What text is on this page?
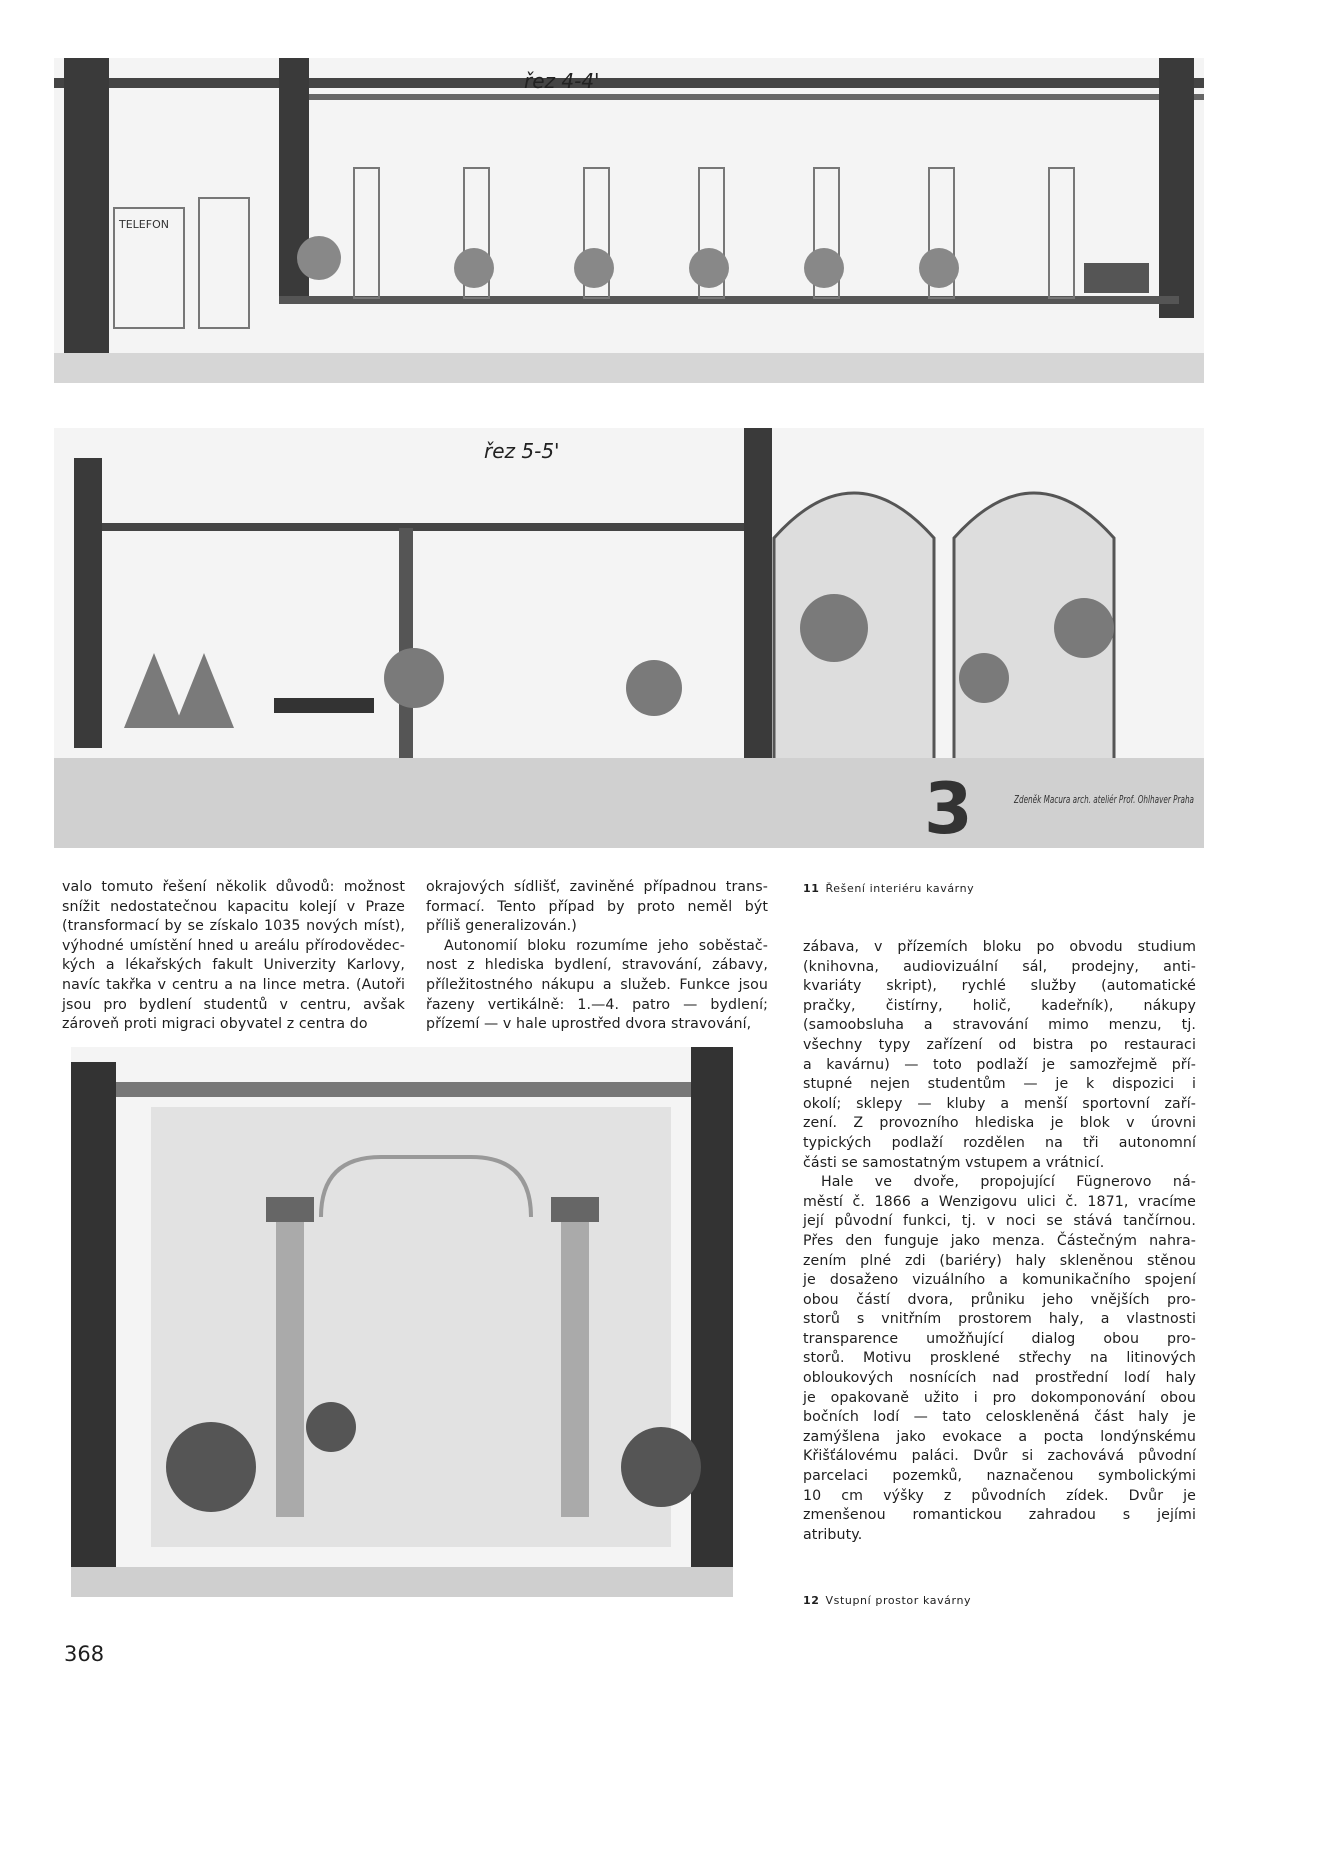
TELEFON
řez 4-4'
3
řez 5-5'
Zdeněk Macura arch. ateliér Prof. Ohlhaver Praha
valo tomuto řešení několik důvodů: možnost
snížit nedostatečnou kapacitu kolejí v Praze
(transformací by se získalo 1035 nových míst),
výhodné umístění hned u areálu přírodovědec-
kých a lékařských fakult Univerzity Karlovy,
navíc takřka v centru a na lince metra. (Autoři
jsou pro bydlení studentů v centru, avšak
zároveň proti migraci obyvatel z centra do
okrajových sídlišť, zaviněné případnou trans-
formací. Tento případ by proto neměl být
příliš generalizován.)
Autonomií bloku rozumíme jeho soběstač-
nost z hlediska bydlení, stravování, zábavy,
příležitostného nákupu a služeb. Funkce jsou
řazeny vertikálně: 1.—4. patro — bydlení;
přízemí — v hale uprostřed dvora stravování,
zábava, v přízemích bloku po obvodu studium
(knihovna, audiovizuální sál, prodejny, anti-
kvariáty skript), rychlé služby (automatické
pračky, čistírny, holič, kadeřník), nákupy
(samoobsluha a stravování mimo menzu, tj.
všechny typy zařízení od bistra po restauraci
a kavárnu) — toto podlaží je samozřejmě pří-
stupné nejen studentům — je k dispozici i
okolí; sklepy — kluby a menší sportovní zaří-
zení. Z provozního hlediska je blok v úrovni
typických podlaží rozdělen na tři autonomní
části se samostatným vstupem a vrátnicí.
Hale ve dvoře, propojující Fügnerovo ná-
městí č. 1866 a Wenzigovu ulici č. 1871, vracíme
její původní funkci, tj. v noci se stává tančírnou.
Přes den funguje jako menza. Částečným nahra-
zením plné zdi (bariéry) haly skleněnou stěnou
je dosaženo vizuálního a komunikačního spojení
obou částí dvora, průniku jeho vnějších pro-
storů s vnitřním prostorem haly, a vlastnosti
transparence umožňující dialog obou pro-
storů. Motivu prosklené střechy na litinových
obloukových nosnících nad prostřední lodí haly
je opakovaně užito i pro dokomponování obou
bočních lodí — tato celoskleněná část haly je
zamýšlena jako evokace a pocta londýnskému
Křišťálovému paláci. Dvůr si zachovává původní
parcelaci pozemků, naznačenou symbolickými
10 cm výšky z původních zídek. Dvůr je
zmenšenou romantickou zahradou s jejími
atributy.
11 Řešení interiéru kavárny
12 Vstupní prostor kavárny
368
